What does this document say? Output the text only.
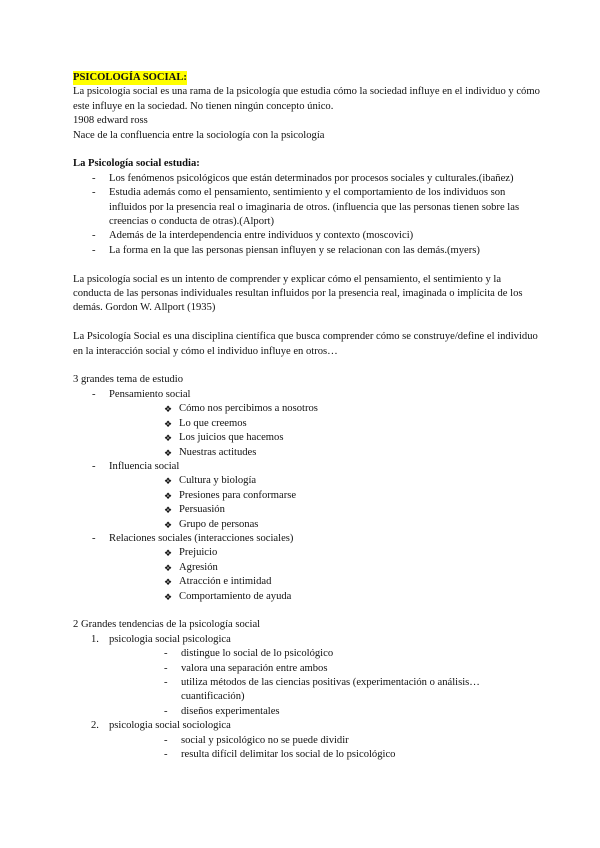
PSICOLOGÍA SOCIAL:

La psicología social es una rama de la psicología que estudia cómo la sociedad influye en el individuo y cómo este influye en la sociedad. No tienen ningún concepto único.

1908 edward ross

Nace de la confluencia entre la sociología con la psicología

La Psicología social estudia:

- Los fenómenos psicológicos que están determinados por procesos sociales y culturales.(ibañez)
- Estudia además como el pensamiento, sentimiento y el comportamiento de los individuos son influidos por la presencia real o imaginaria de otros. (influencia que las personas tienen sobre las creencias o conducta de otras).(Alport)
- Además de la interdependencia entre individuos y contexto (moscovici)
- La forma en la que las personas piensan influyen y se relacionan con las demás.(myers)

La psicología social es un intento de comprender y explicar cómo el pensamiento, el sentimiento y la conducta de las personas individuales resultan influidos por la presencia real, imaginada o implícita de los demás. Gordon W. Allport (1935)

La Psicología Social es una disciplina científica que busca comprender cómo se construye/define el individuo en la interacción social y cómo el individuo influye en otros…

3 grandes tema de estudio

- Pensamiento social
❖ Cómo nos percibimos a nosotros
❖ Lo que creemos
❖ Los juicios que hacemos
❖ Nuestras actitudes
- Influencia social
❖ Cultura y biología
❖ Presiones para conformarse
❖ Persuasión
❖ Grupo de personas
- Relaciones sociales (interacciones sociales)
❖ Prejuicio
❖ Agresión
❖ Atracción e intimidad
❖ Comportamiento de ayuda

2 Grandes tendencias de la psicología social

1. psicologia social psicologica
- distingue lo social de lo psicológico
- valora una separación entre ambos
- utiliza métodos de las ciencias positivas (experimentación o análisis… cuantificación)
- diseños experimentales
2. psicologia social sociologica
- social y psicológico no se puede dividir
- resulta difícil delimitar los social de lo psicológico
